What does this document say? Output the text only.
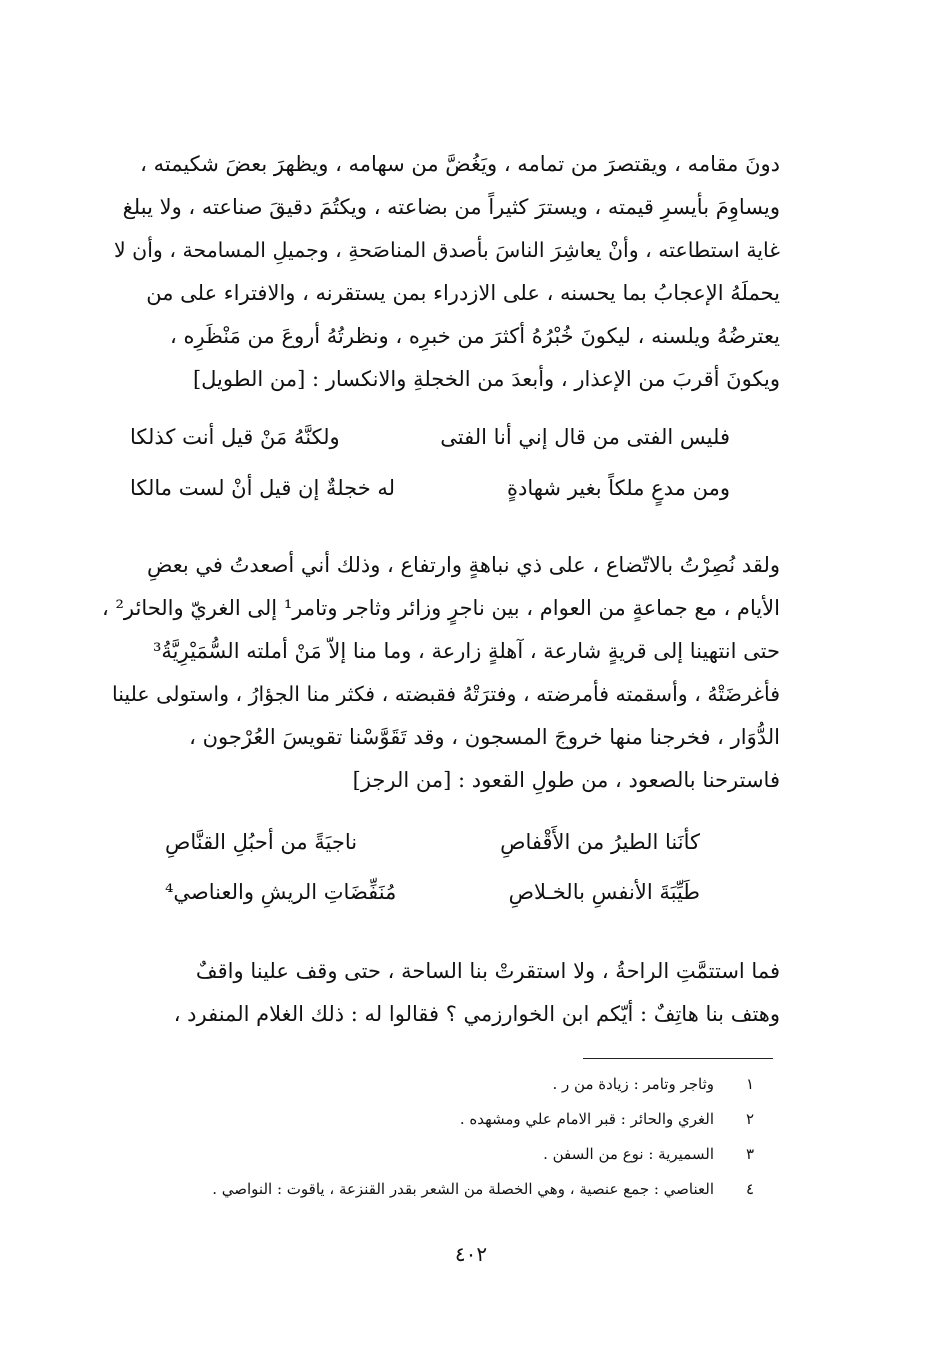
دونَ مقامه ، ويقتصرَ من تمامه ، ويَغُضَّ من سهامه ، ويظهرَ بعضَ شكيمته ،
ويساوِمَ بأيسرِ قيمته ، ويسترَ كثيراً من بضاعته ، ويكتُمَ دقيقَ صناعته ، ولا يبلغ
غاية استطاعته ، وأنْ يعاشِرَ الناسَ بأصدق المناصَحةِ ، وجميلِ المسامحة ، وأن لا
يحملَهُ الإعجابُ بما يحسنه ، على الازدراء بمن يستقرنه ، والافتراء على من
يعترضُهُ ويلسنه ، ليكونَ خُبْرُهُ أكثرَ من خبرِه ، ونظرتُهُ أروعَ من مَنْظَرِه ،
ويكونَ أقربَ من الإعذار ، وأبعدَ من الخجلةِ والانكسار : [من الطويل]
فليس الفتى من قال إني أنا الفتى
ولكنَّهُ مَنْ قيل أنت كذلكا
ومن مدعٍ ملكاً بغير شهادةٍ
له خجلةٌ إن قيل أنْ لست مالكا
ولقد نُصِرْتُ بالاتّضاع ، على ذي نباهةٍ وارتفاع ، وذلك أني أصعدتُ في بعضِ
الأيام ، مع جماعةٍ من العوام ، بين ناجرٍ وزائر وثاجر وتامر¹ إلى الغريّ والحائر² ،
حتى انتهينا إلى قريةٍ شارعة ، آهلةٍ زارعة ، وما منا إلاّ مَنْ أملته السُّمَيْرِيَّةُ³
فأغرضَتْهُ ، وأسقمته فأمرضته ، وفترَتْهُ فقبضته ، فكثر منا الجؤارُ ، واستولى علينا
الدُّوَار ، فخرجنا منها خروجَ المسجون ، وقد تَقَوَّسْنا تقويسَ العُرْجون ،
فاسترحنا بالصعود ، من طولِ القعود : [من الرجز]
كأنَنا الطيرُ من الأَقْفاصِ
ناجيَةً من أحبُلِ القنَّاصِ
طَيِّبَةَ الأنفسِ بالخـلاصِ
مُنَفِّضَاتِ الريشِ والعناصي⁴
فما استتمَّتِ الراحةُ ، ولا استقرتْ بنا الساحة ، حتى وقف علينا واقفٌ
وهتف بنا هاتِفٌ : أيّكم ابن الخوارزمي ؟ فقالوا له : ذلك الغلام المنفرد ،
١
وثاجر وتامر : زيادة من ر .
٢
الغري والحائر : قبر الامام علي ومشهده .
٣
السميرية : نوع من السفن .
٤
العناصي : جمع عنصية ، وهي الخصلة من الشعر بقدر القنزعة ، ياقوت : النواصي .
٤٠٢
